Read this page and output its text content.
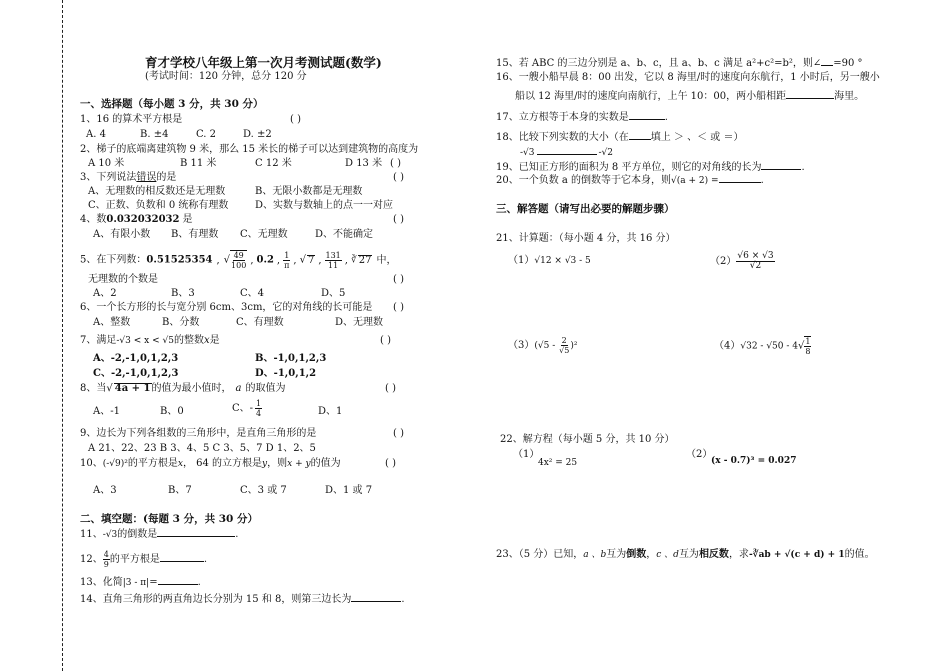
育才学校八年级上第一次月考测试题(数学)
(考试时间：120 分钟，总分 120 分
一、选择题（每小题 3 分，共 30 分）
1、16 的算术平方根是	( )
A. 4	B. ±4	C. 2	D. ±2
2、梯子的底端离建筑物 9 米，那么 15 米长的梯子可以达到建筑物的高度为
A 10 米	B 11 米	C 12 米	D 13 米 ( )
3、下列说法错误的是	( )
A、无理数的相反数还是无理数	B、无限小数都是无理数
C、正数、负数和 0 统称有理数	D、实数与数轴上的点一一对应
4、数0.032032032 是	( )
A、有限小数 B、有理数 C、无理数	D、不能确定
5、在下列数：0.51525354 , √ $\frac{49}{100}$ , 0.2 , $\frac{1}{\pi}$ , √ 7 , $\frac{131}{11}$ , ∛ 27 中，
无理数的个数是	( )
A、2	B、3	C、4	D、5
6、一个长方形的长与宽分别 6cm、3cm，它的对角线的长可能是 ( )
A、整数	B、分数	C、有理数	D、无理数
7、满足-√3 < x < √5的整数x是	( )
A、-2,-1,0,1,2,3	B、-1,0,1,2,3
C、-2,-1,0,1,2,3	D、-1,0,1,2
8、当√ 4a + 1的值为最小值时， a 的取值为	( )
A、-1	B、0	C、- $\frac{1}{4}$	D、1
9、边长为下列各组数的三角形中，是直角三角形的是	( )
A 21、22、23 B 3、4、5 C 3、5、7 D 1、2、5
10、(-√9)²的平方根是x， 64 的立方根是y，则x + y的值为	( )
A、3	B、7	C、3 或 7	D、1 或 7
二、填空题：(每题 3 分，共 30 分）
11、-√3的倒数是	.
12、 $\frac{4}{9}$ 的平方根是	.
13、化简|3 - π|=	.
14、直角三角形的两直角边长分别为 15 和 8，则第三边长为	.
15、若 ABC 的三边分别是 a、b、c，且 a、b、c 满足 a²+c²=b²，则∠ =90 °
16、一艘小船早晨 8：00 出发，它以 8 海里/时的速度向东航行，1 小时后，另一艘小
船以 12 海里/时的速度向南航行，上午 10：00，两小船相距	海里。
17、立方根等于本身的实数是	.
18、比较下列实数的大小（在 填上 ＞ 、＜ 或 ＝）
-√3	-√2
19、已知正方形的面积为 8 平方单位，则它的对角线的长为	.
20、一个负数 a 的倒数等于它本身，则√(a + 2) =	.
三、解答题（请写出必要的解题步骤）
21、计算题：（每小题 4 分，共 16 分）
（1）√12 × √3 - 5	$(2) \frac{√6 \times √3}{√2}$
$(3)(√5 - \frac{2}{√5} )^2$	$(4)√32 - √50 - 4√ \frac{1}{8}$
22、解方程（每小题 5 分，共 10 分）
（1）
4x² = 25
（2）
(x - 0.7)³ = 0.027
23、（5 分）已知，a 、b互为倒数，c 、d互为相反数，求-∛ab + √(c + d) + 1的值。
